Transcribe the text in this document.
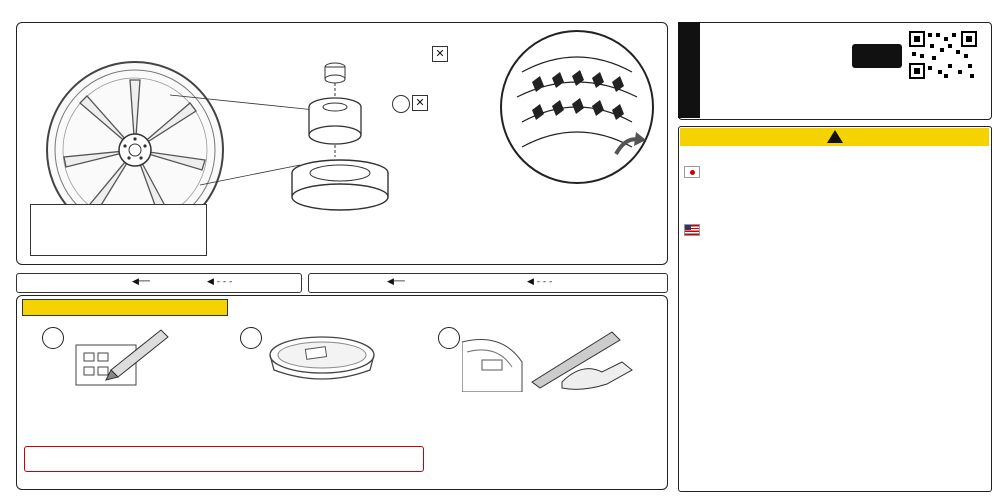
✕
✕
◀──	◀ - - -	◀──	◀ - - -
